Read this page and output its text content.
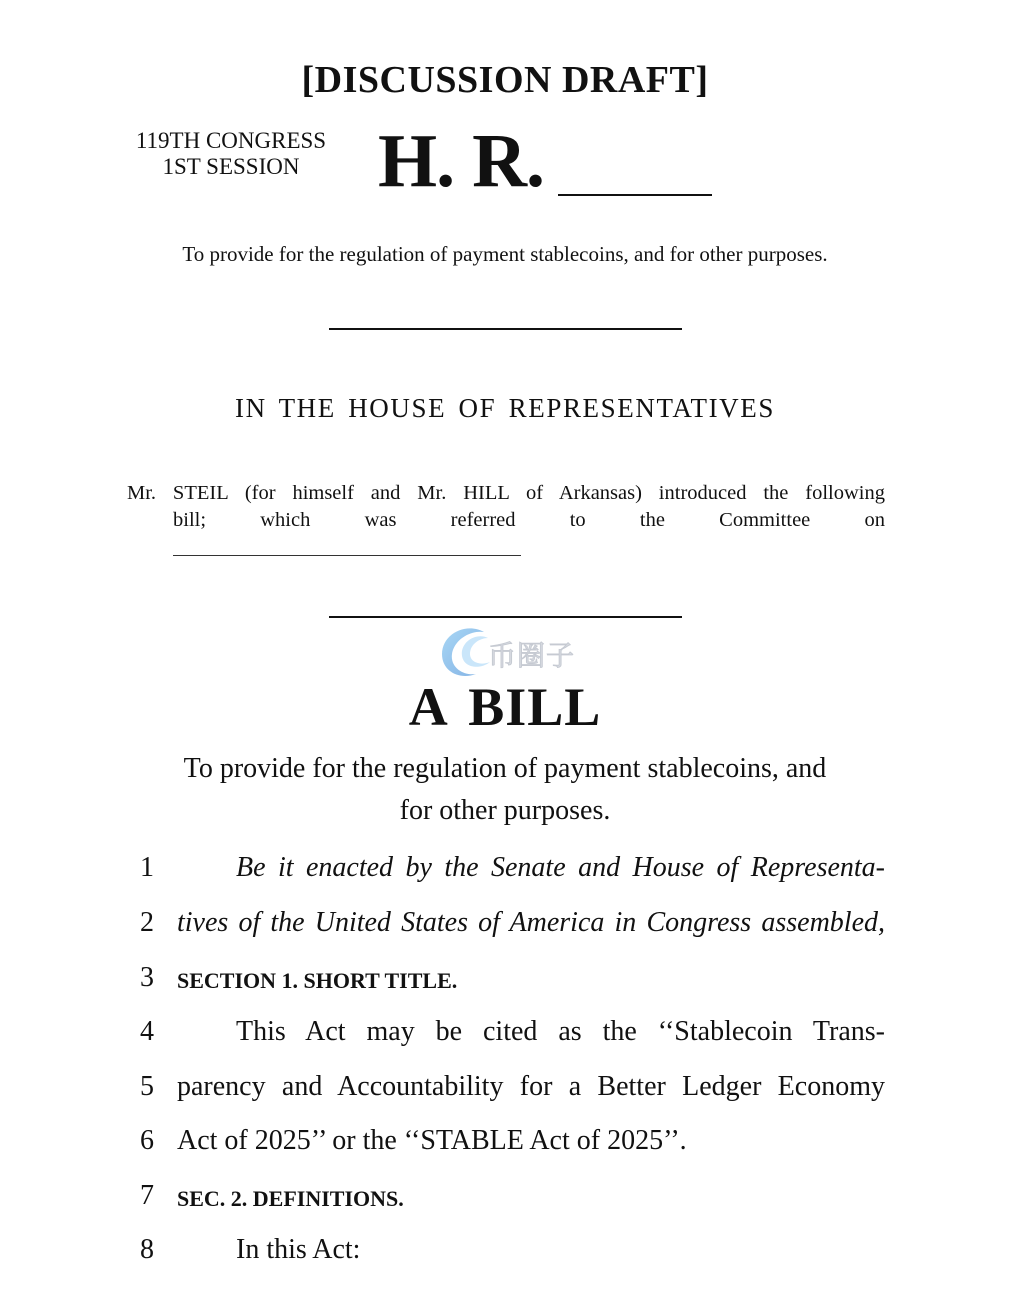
[DISCUSSION DRAFT]
119TH CONGRESS
1ST SESSION	H. R.
To provide for the regulation of payment stablecoins, and for other purposes.
IN THE HOUSE OF REPRESENTATIVES
Mr. STEIL (for himself and Mr. HILL of Arkansas) introduced the following
bill; which was referred to the Committee on
币圈子
A BILL
To provide for the regulation of payment stablecoins, and
for other purposes.
1	Be it enacted by the Senate and House of Representa-
2 tives of the United States of America in Congress assembled,
3	SECTION 1. SHORT TITLE.
4	This Act may be cited as the ‘‘Stablecoin Trans-
5 parency and Accountability for a Better Ledger Economy
6 Act of 2025’’ or the ‘‘STABLE Act of 2025’’.
7	SEC. 2. DEFINITIONS.
8	In this Act:
